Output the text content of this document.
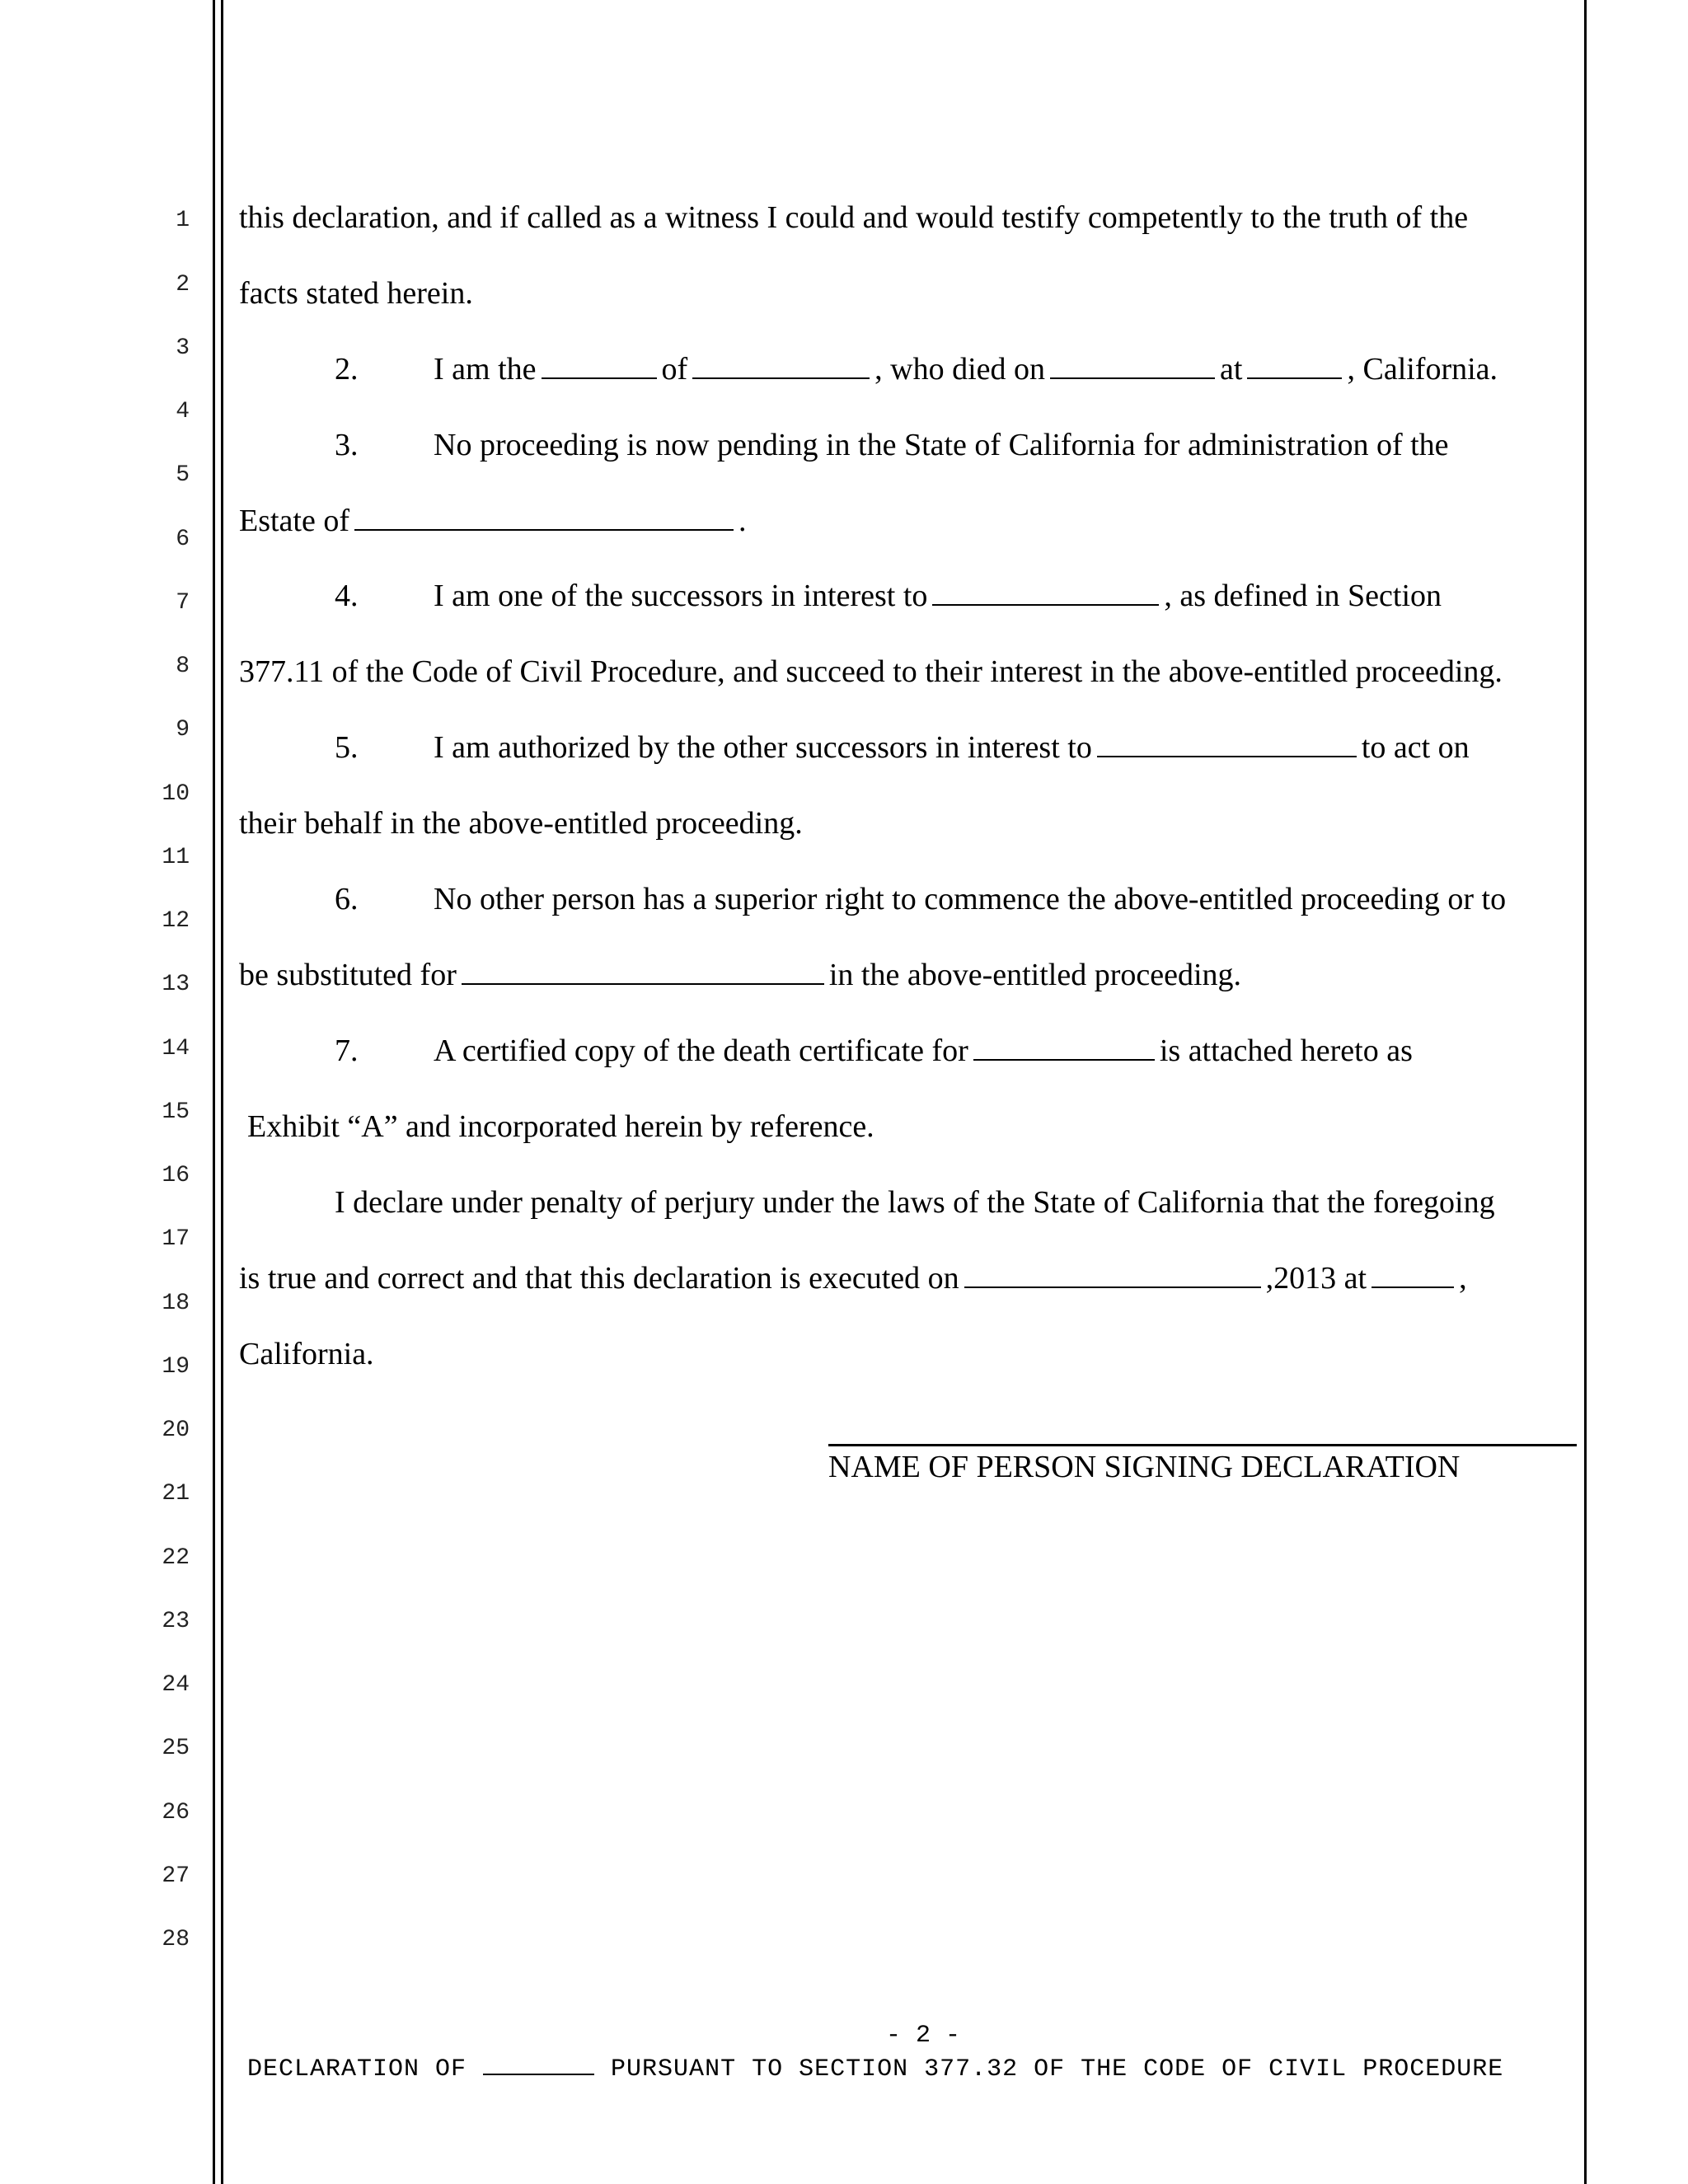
1
2
3
4
5
6
7
8
9
10
11
12
13
14
15
16
17
18
19
20
21
22
23
24
25
26
27
28
this declaration, and if called as a witness I could and would testify competently to the truth of the
facts stated herein.
2. I am the	of	, who died on	at	, California.
3. No proceeding is now pending in the State of California for administration of the
Estate of	.
4. I am one of the successors in interest to	, as defined in Section
377.11 of the Code of Civil Procedure, and succeed to their interest in the above-entitled proceeding.
5. I am authorized by the other successors in interest to	to act on
their behalf in the above-entitled proceeding.
6. No other person has a superior right to commence the above-entitled proceeding or to
be substituted for	in the above-entitled proceeding.
7. A certified copy of the death certificate for	is attached hereto as
Exhibit “A” and incorporated herein by reference.
I declare under penalty of perjury under the laws of the State of California that the foregoing
is true and correct and that this declaration is executed on	,2013 at	,
California.
NAME OF PERSON SIGNING DECLARATION
- 2 -
DECLARATION OF	PURSUANT TO SECTION 377.32 OF THE CODE OF CIVIL PROCEDURE
